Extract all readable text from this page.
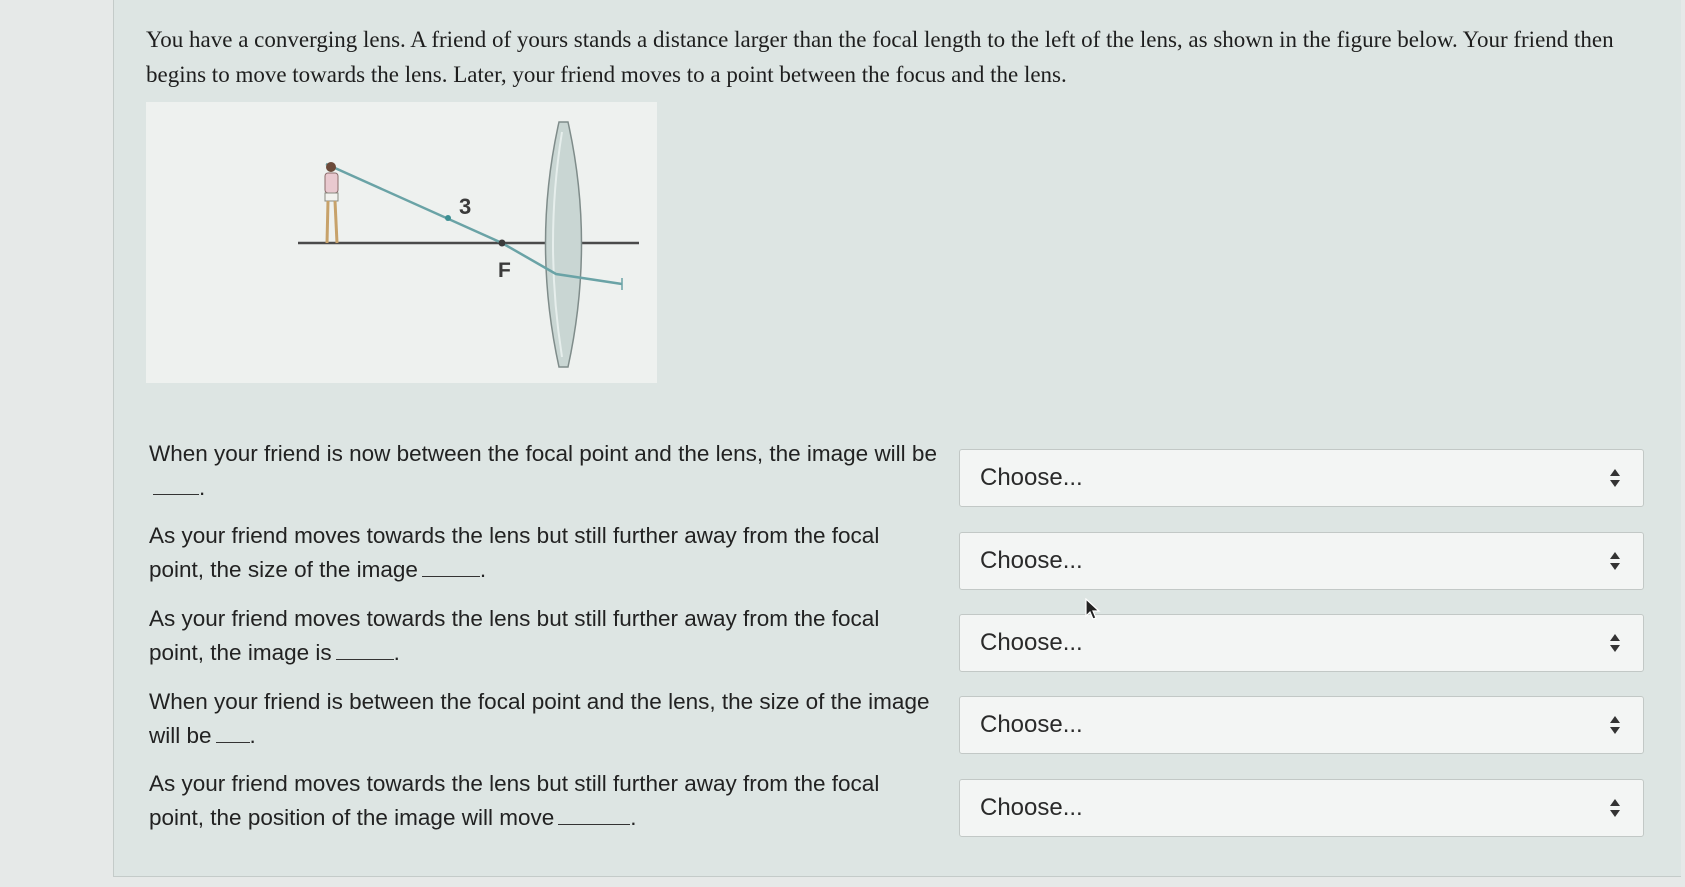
You have a converging lens. A friend of yours stands a distance larger than the focal length to the left of the lens, as shown in the figure below. Your friend then begins to move towards the lens. Later, your friend moves to a point between the focus and the lens.

3
F

When your friend is now between the focal point and the lens, the image will be.	Choose...

As your friend moves towards the lens but still further away from the focal point, the size of the image	.	Choose...

As your friend moves towards the lens but still further away from the focal point, the image is	.	Choose...

When your friend is between the focal point and the lens, the size of the image will be .	Choose...

As your friend moves towards the lens but still further away from the focal point, the position of the image will move	.	Choose...
